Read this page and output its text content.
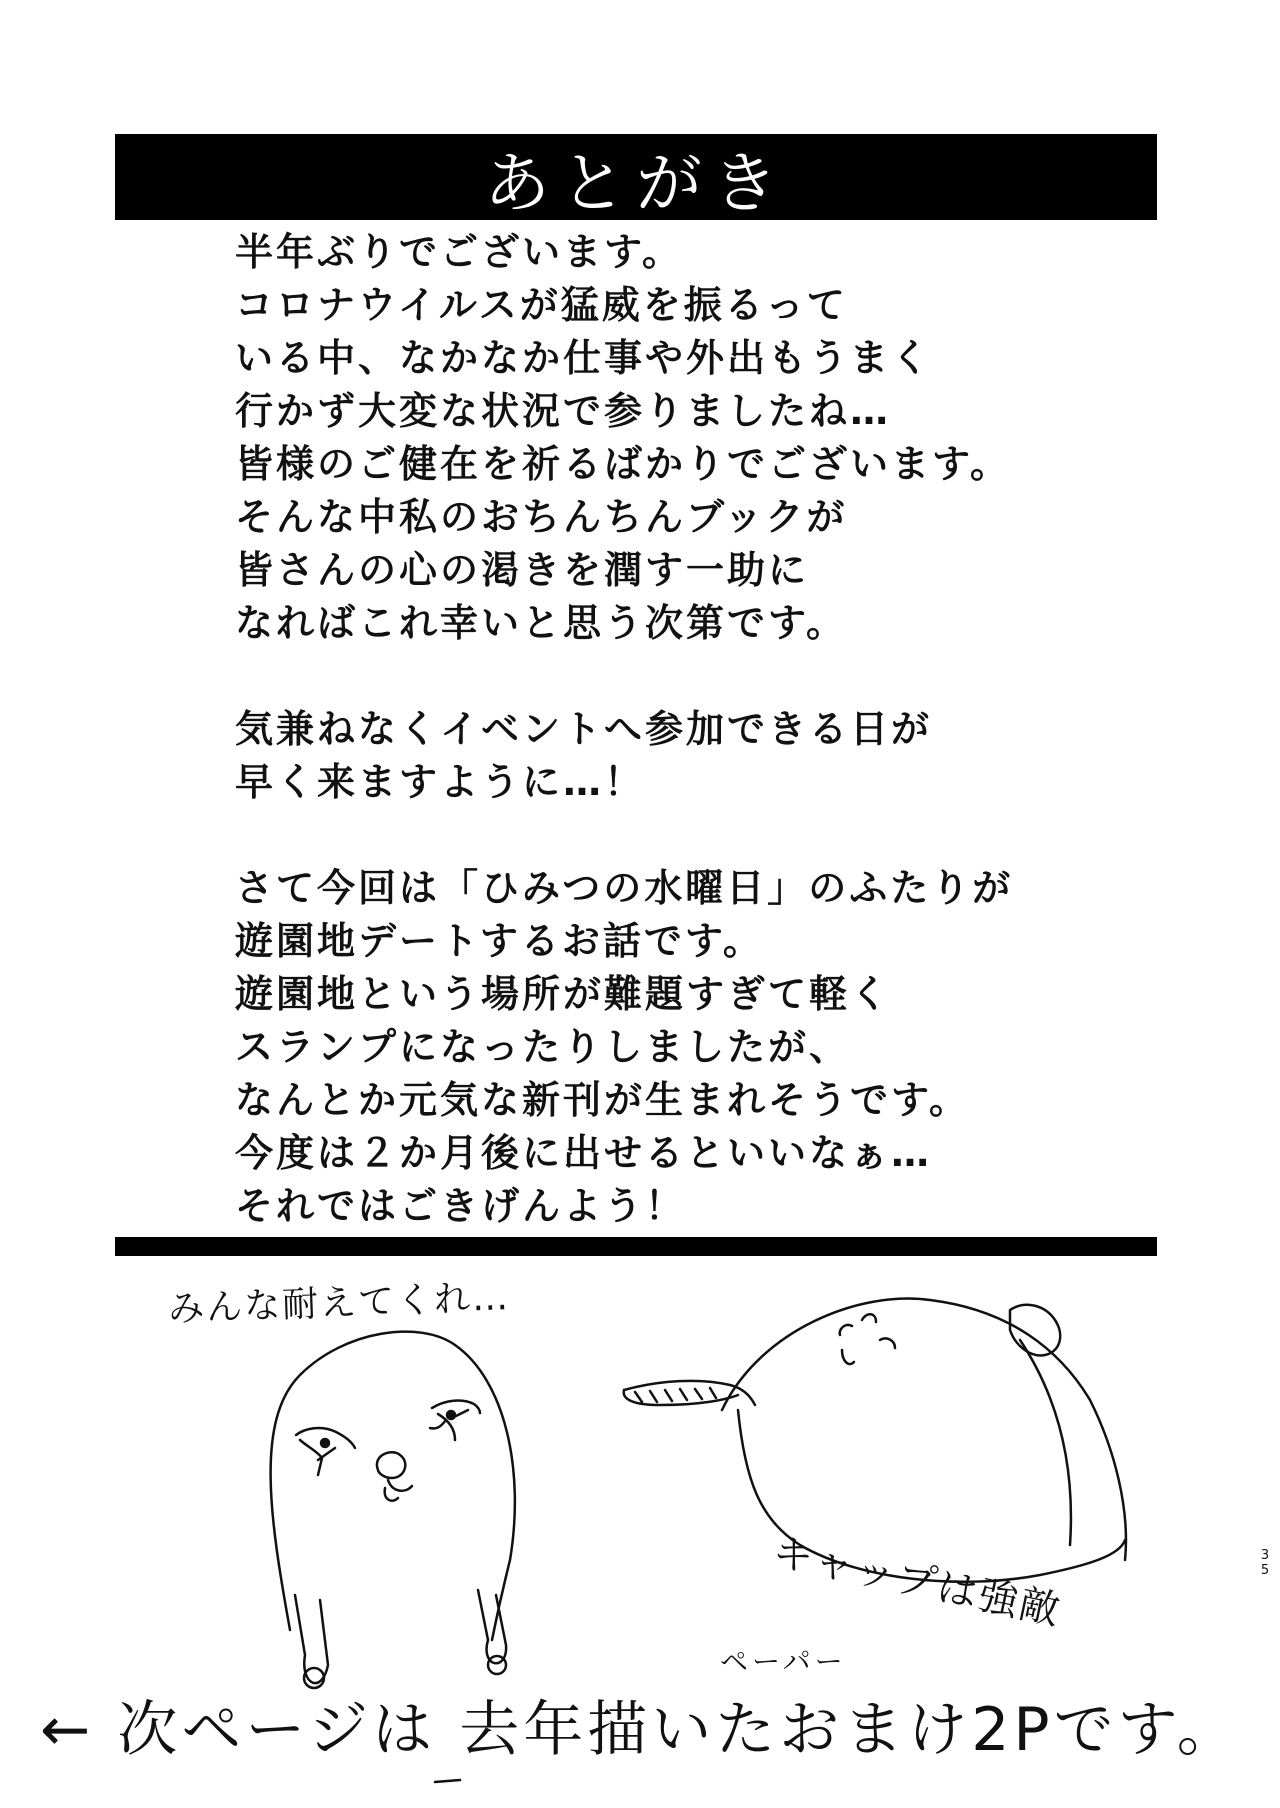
あとがき
半年ぶりでございます。
コロナウイルスが猛威を振るって
いる中、なかなか仕事や外出もうまく
行かず大変な状況で参りましたね…
皆様のご健在を祈るばかりでございます。
そんな中私のおちんちんブックが
皆さんの心の渇きを潤す一助に
なればこれ幸いと思う次第です。
気兼ねなくイベントへ参加できる日が
早く来ますように…！
さて今回は「ひみつの水曜日」のふたりが
遊園地デートするお話です。
遊園地という場所が難題すぎて軽く
スランプになったりしましたが、
なんとか元気な新刊が生まれそうです。
今度は２か月後に出せるといいなぁ…
それではごきげんよう！
みんな耐えてくれ…
キャップは強敵
ペーパー
← 次ページは 去年描いたおまけ2Pです。
35
